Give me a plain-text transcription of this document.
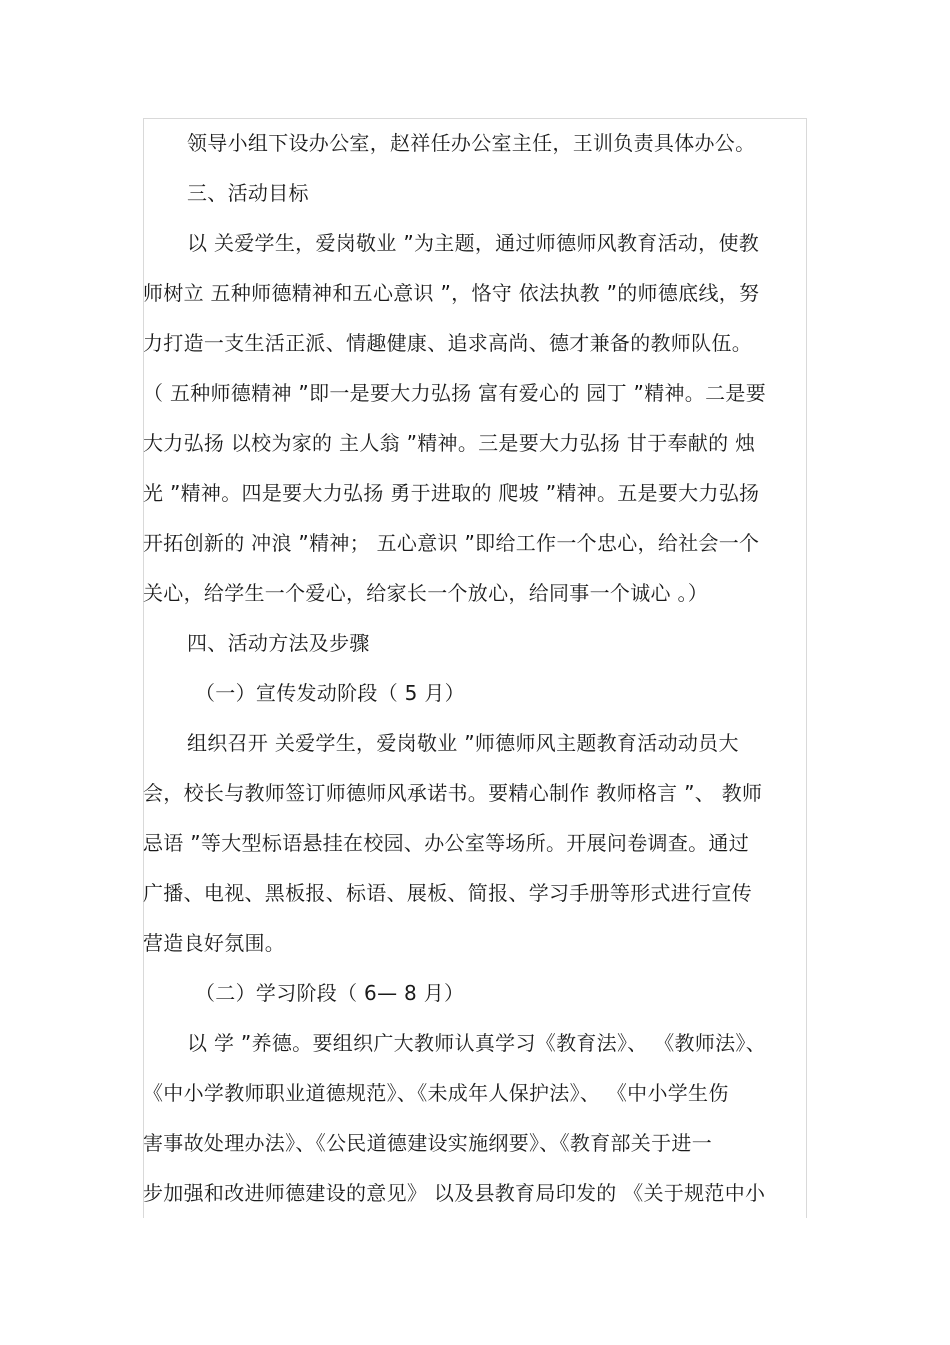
领导小组下设办公室，赵祥任办公室主任，王训负责具体办公。
三、活动目标
以 关爱学生，爱岗敬业 ”为主题，通过师德师风教育活动，使教
师树立 五种师德精神和五心意识 ”，恪守 依法执教 ”的师德底线，努
力打造一支生活正派、情趣健康、追求高尚、德才兼备的教师队伍。
（ 五种师德精神 ”即一是要大力弘扬 富有爱心的 园丁 ”精神。二是要
大力弘扬 以校为家的 主人翁 ”精神。三是要大力弘扬 甘于奉献的 烛
光 ”精神。四是要大力弘扬 勇于进取的 爬坡 ”精神。五是要大力弘扬
开拓创新的 冲浪 ”精神； 五心意识 ”即给工作一个忠心，给社会一个
关心，给学生一个爱心，给家长一个放心，给同事一个诚心 。）
四、活动方法及步骤
（一）宣传发动阶段（ 5 月）
组织召开 关爱学生，爱岗敬业 ”师德师风主题教育活动动员大
会，校长与教师签订师德师风承诺书。要精心制作 教师格言 ”、 教师
忌语 ”等大型标语悬挂在校园、办公室等场所。开展问卷调查。通过
广播、电视、黑板报、标语、展板、简报、学习手册等形式进行宣传
营造良好氛围。
（二）学习阶段（ 6— 8 月）
以 学 ”养德。要组织广大教师认真学习《教育法》、 《教师法》、
《中小学教师职业道德规范》、《未成年人保护法》、 《中小学生伤
害事故处理办法》、《公民道德建设实施纲要》、《教育部关于进一
步加强和改进师德建设的意见》 以及县教育局印发的 《关于规范中小
